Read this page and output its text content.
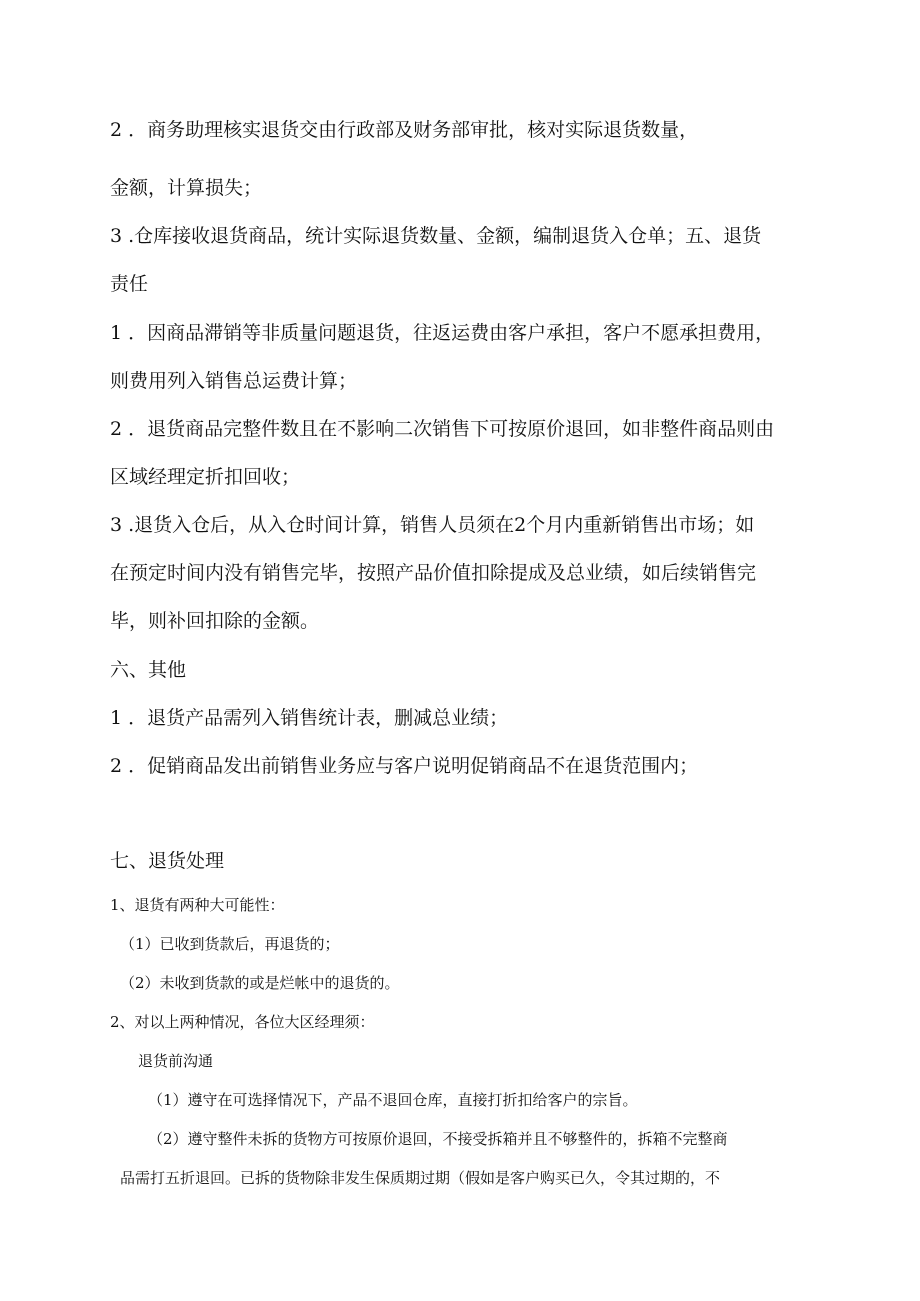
2 ．商务助理核实退货交由行政部及财务部审批，核对实际退货数量，

金额，计算损失；

3 .仓库接收退货商品，统计实际退货数量、金额，编制退货入仓单；五、退货

责任

1 ．因商品滞销等非质量问题退货，往返运费由客户承担，客户不愿承担费用，

则费用列入销售总运费计算；

2 ．退货商品完整件数且在不影响二次销售下可按原价退回，如非整件商品则由

区域经理定折扣回收；

3 .退货入仓后，从入仓时间计算，销售人员须在2个月内重新销售出市场；如

在预定时间内没有销售完毕，按照产品价值扣除提成及总业绩，如后续销售完

毕，则补回扣除的金额。

六、其他

1 ．退货产品需列入销售统计表，删减总业绩；

2 ．促销商品发出前销售业务应与客户说明促销商品不在退货范围内；

七、退货处理

1、退货有两种大可能性：

（1）已收到货款后，再退货的；

（2）未收到货款的或是烂帐中的退货的。

2、对以上两种情况，各位大区经理须：

退货前沟通

（1）遵守在可选择情况下，产品不退回仓库，直接打折扣给客户的宗旨。

（2）遵守整件未拆的货物方可按原价退回，不接受拆箱并且不够整件的，拆箱不完整商

品需打五折退回。已拆的货物除非发生保质期过期（假如是客户购买已久，令其过期的，不
